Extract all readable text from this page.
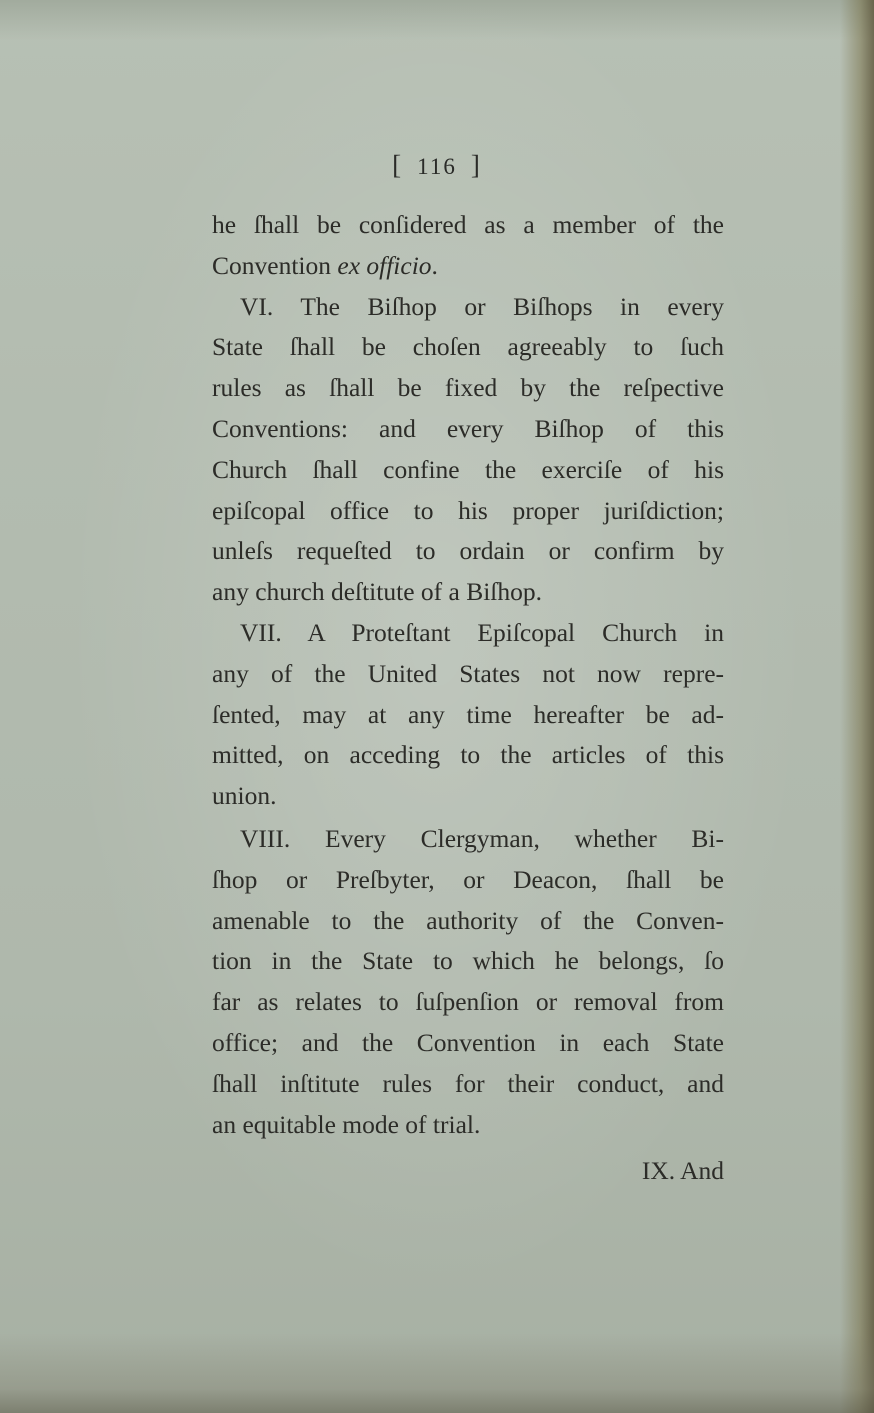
[ 116 ]
he ſhall be conſidered as a member of the
Convention ex officio.
VI. The Biſhop or Biſhops in every
State ſhall be choſen agreeably to ſuch
rules as ſhall be fixed by the reſpective
Conventions: and every Biſhop of this
Church ſhall confine the exerciſe of his
epiſcopal office to his proper juriſdiction;
unleſs requeſted to ordain or confirm by
any church deſtitute of a Biſhop.
VII. A Proteſtant Epiſcopal Church in
any of the United States not now repre-
ſented, may at any time hereafter be ad-
mitted, on acceding to the articles of this
union.
VIII. Every Clergyman, whether Bi-
ſhop or Preſbyter, or Deacon, ſhall be
amenable to the authority of the Conven-
tion in the State to which he belongs, ſo
far as relates to ſuſpenſion or removal from
office; and the Convention in each State
ſhall inſtitute rules for their conduct, and
an equitable mode of trial.
IX. And
